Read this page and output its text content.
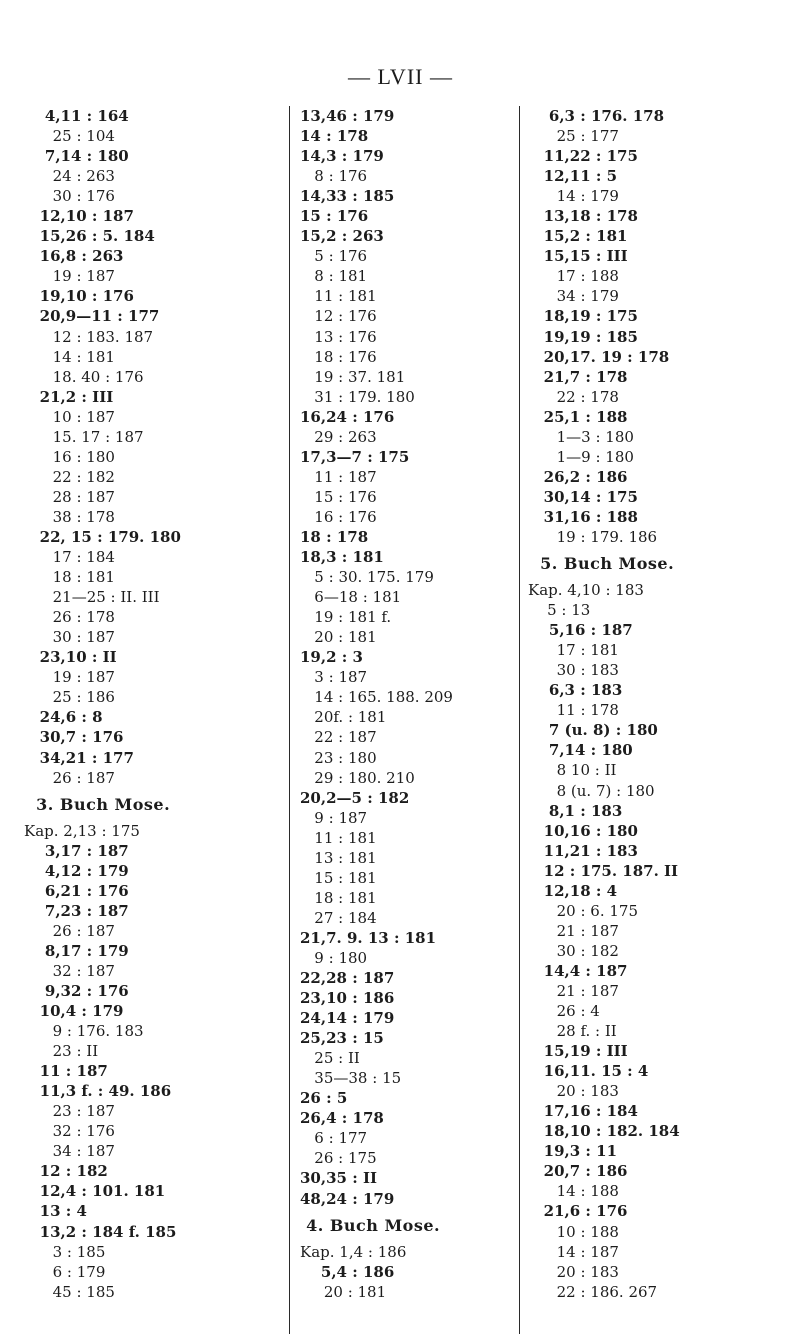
— LVII —
4,11 : 164
25 : 104
7,14 : 180
24 : 263
30 : 176
12,10 : 187
15,26 : 5. 184
16,8 : 263
19 : 187
19,10 : 176
20,9—11 : 177
12 : 183. 187
14 : 181
18. 40 : 176
21,2 : III
10 : 187
15. 17 : 187
16 : 180
22 : 182
28 : 187
38 : 178
22, 15 : 179. 180
17 : 184
18 : 181
21—25 : II. III
26 : 178
30 : 187
23,10 : II
19 : 187
25 : 186
24,6 : 8
30,7 : 176
34,21 : 177
26 : 187
3. Buch Mose.
Kap. 2,13 : 175
3,17 : 187
4,12 : 179
6,21 : 176
7,23 : 187
26 : 187
8,17 : 179
32 : 187
9,32 : 176
10,4 : 179
9 : 176. 183
23 : II
11 : 187
11,3 f. : 49. 186
23 : 187
32 : 176
34 : 187
12 : 182
12,4 : 101. 181
13 : 4
13,2 : 184 f. 185
3 : 185
6 : 179
45 : 185
13,46 : 179
14 : 178
14,3 : 179
8 : 176
14,33 : 185
15 : 176
15,2 : 263
5 : 176
8 : 181
11 : 181
12 : 176
13 : 176
18 : 176
19 : 37. 181
31 : 179. 180
16,24 : 176
29 : 263
17,3—7 : 175
11 : 187
15 : 176
16 : 176
18 : 178
18,3 : 181
5 : 30. 175. 179
6—18 : 181
19 : 181 f.
20 : 181
19,2 : 3
3 : 187
14 : 165. 188. 209
20f. : 181
22 : 187
23 : 180
29 : 180. 210
20,2—5 : 182
9 : 187
11 : 181
13 : 181
15 : 181
18 : 181
27 : 184
21,7. 9. 13 : 181
9 : 180
22,28 : 187
23,10 : 186
24,14 : 179
25,23 : 15
25 : II
35—38 : 15
26 : 5
26,4 : 178
6 : 177
26 : 175
30,35 : II
48,24 : 179
4. Buch Mose.
Kap. 1,4 : 186
5,4 : 186
20 : 181
6,3 : 176. 178
25 : 177
11,22 : 175
12,11 : 5
14 : 179
13,18 : 178
15,2 : 181
15,15 : III
17 : 188
34 : 179
18,19 : 175
19,19 : 185
20,17. 19 : 178
21,7 : 178
22 : 178
25,1 : 188
1—3 : 180
1—9 : 180
26,2 : 186
30,14 : 175
31,16 : 188
19 : 179. 186
5. Buch Mose.
Kap. 4,10 : 183
5 : 13
5,16 : 187
17 : 181
30 : 183
6,3 : 183
11 : 178
7 (u. 8) : 180
7,14 : 180
8 10 : II
8 (u. 7) : 180
8,1 : 183
10,16 : 180
11,21 : 183
12 : 175. 187. II
12,18 : 4
20 : 6. 175
21 : 187
30 : 182
14,4 : 187
21 : 187
26 : 4
28 f. : II
15,19 : III
16,11. 15 : 4
20 : 183
17,16 : 184
18,10 : 182. 184
19,3 : 11
20,7 : 186
14 : 188
21,6 : 176
10 : 188
14 : 187
20 : 183
22 : 186. 267
